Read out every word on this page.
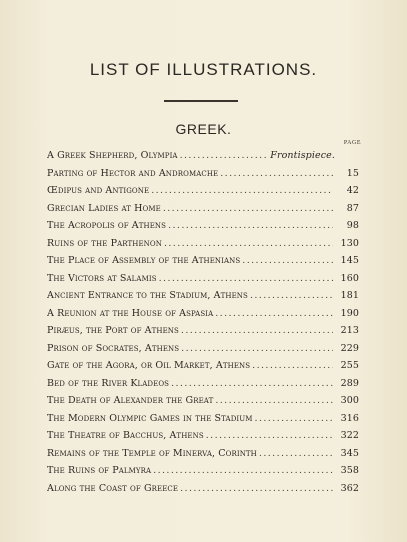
LIST OF ILLUSTRATIONS.
GREEK.
PAGE
A Greek Shepherd, Olympia .....	Frontispiece.
Parting of Hector and Andromache .....	15
Œdipus and Antigone .....	42
Grecian Ladies at Home .....	87
The Acropolis of Athens .....	98
Ruins of the Parthenon .....	130
The Place of Assembly of the Athenians .....	145
The Victors at Salamis .....	160
Ancient Entrance to the Stadium, Athens .....	181
A Reunion at the House of Aspasia .....	190
Piræus, the Port of Athens .....	213
Prison of Socrates, Athens .....	229
Gate of the Agora, or Oil Market, Athens .....	255
Bed of the River Kladeos .....	289
The Death of Alexander the Great .....	300
The Modern Olympic Games in the Stadium .....	316
The Theatre of Bacchus, Athens .....	322
Remains of the Temple of Minerva, Corinth .....	345
The Ruins of Palmyra .....	358
Along the Coast of Greece .....	362
